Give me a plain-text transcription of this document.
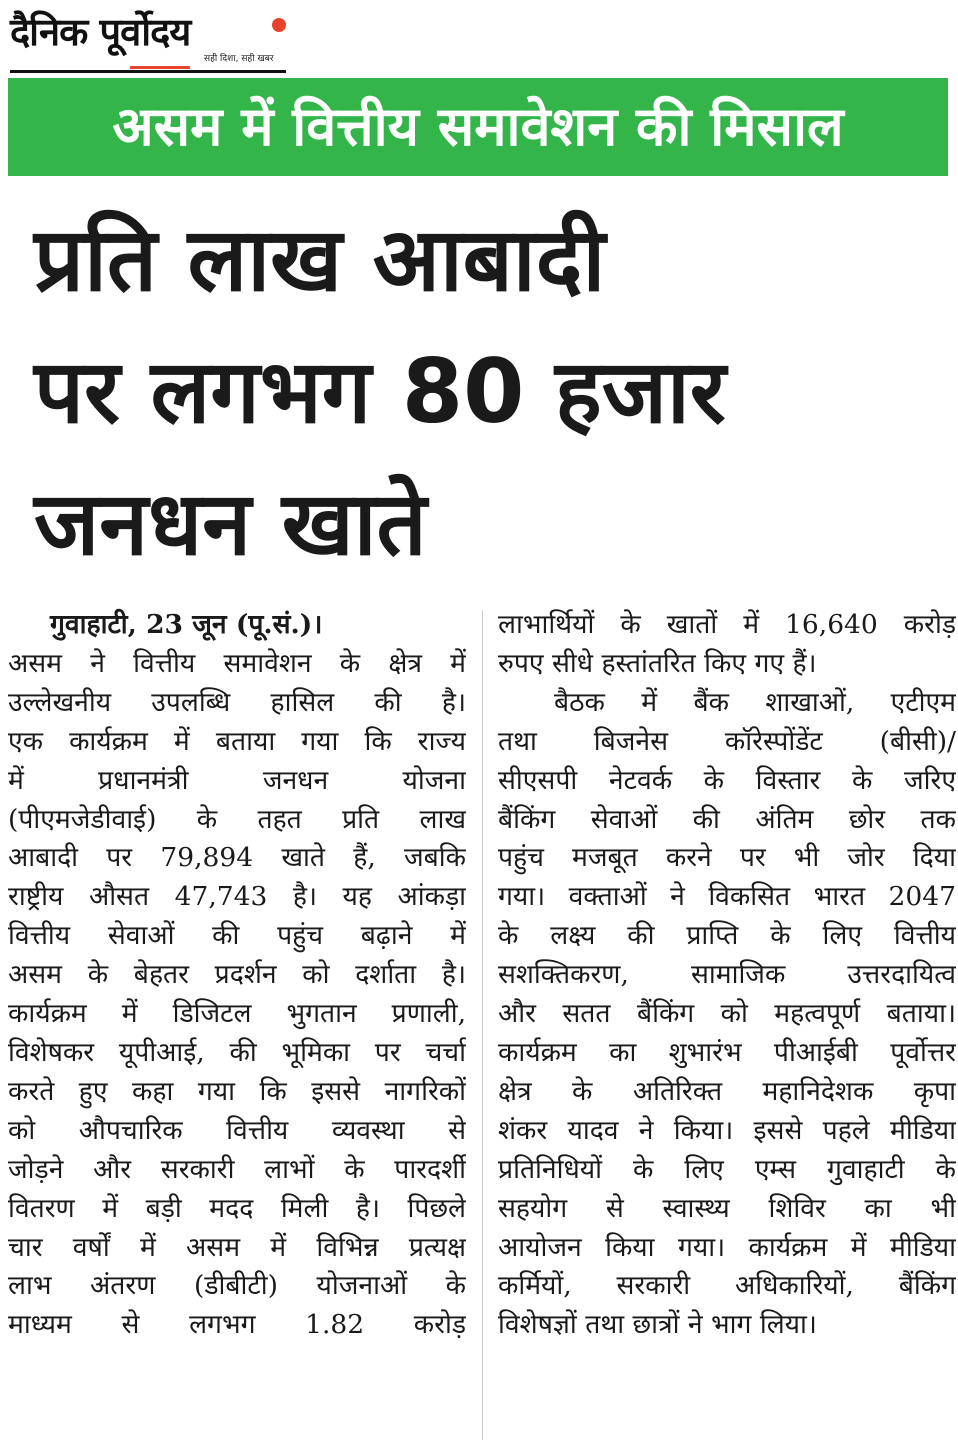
दैनिक पूर्वोदय
सही दिशा, सही खबर
असम में वित्तीय समावेशन की मिसाल
प्रति लाख आबादी
पर लगभग 80 हजार
जनधन खाते
गुवाहाटी, 23 जून (पू.सं.)।
असम ने वित्तीय समावेशन के क्षेत्र में
उल्लेखनीय उपलब्धि हासिल की है।
एक कार्यक्रम में बताया गया कि राज्य
में प्रधानमंत्री जनधन योजना
(पीएमजेडीवाई) के तहत प्रति लाख
आबादी पर 79,894 खाते हैं, जबकि
राष्ट्रीय औसत 47,743 है। यह आंकड़ा
वित्तीय सेवाओं की पहुंच बढ़ाने में
असम के बेहतर प्रदर्शन को दर्शाता है।
कार्यक्रम में डिजिटल भुगतान प्रणाली,
विशेषकर यूपीआई, की भूमिका पर चर्चा
करते हुए कहा गया कि इससे नागरिकों
को औपचारिक वित्तीय व्यवस्था से
जोड़ने और सरकारी लाभों के पारदर्शी
वितरण में बड़ी मदद मिली है। पिछले
चार वर्षों में असम में विभिन्न प्रत्यक्ष
लाभ अंतरण (डीबीटी) योजनाओं के
माध्यम से लगभग 1.82 करोड़
लाभार्थियों के खातों में 16,640 करोड़
रुपए सीधे हस्तांतरित किए गए हैं।
बैठक में बैंक शाखाओं, एटीएम
तथा बिजनेस कॉरेस्पोंडेंट (बीसी)/
सीएसपी नेटवर्क के विस्तार के जरिए
बैंकिंग सेवाओं की अंतिम छोर तक
पहुंच मजबूत करने पर भी जोर दिया
गया। वक्ताओं ने विकसित भारत 2047
के लक्ष्य की प्राप्ति के लिए वित्तीय
सशक्तिकरण, सामाजिक उत्तरदायित्व
और सतत बैंकिंग को महत्वपूर्ण बताया।
कार्यक्रम का शुभारंभ पीआईबी पूर्वोत्तर
क्षेत्र के अतिरिक्त महानिदेशक कृपा
शंकर यादव ने किया। इससे पहले मीडिया
प्रतिनिधियों के लिए एम्स गुवाहाटी के
सहयोग से स्वास्थ्य शिविर का भी
आयोजन किया गया। कार्यक्रम में मीडिया
कर्मियों, सरकारी अधिकारियों, बैंकिंग
विशेषज्ञों तथा छात्रों ने भाग लिया।
